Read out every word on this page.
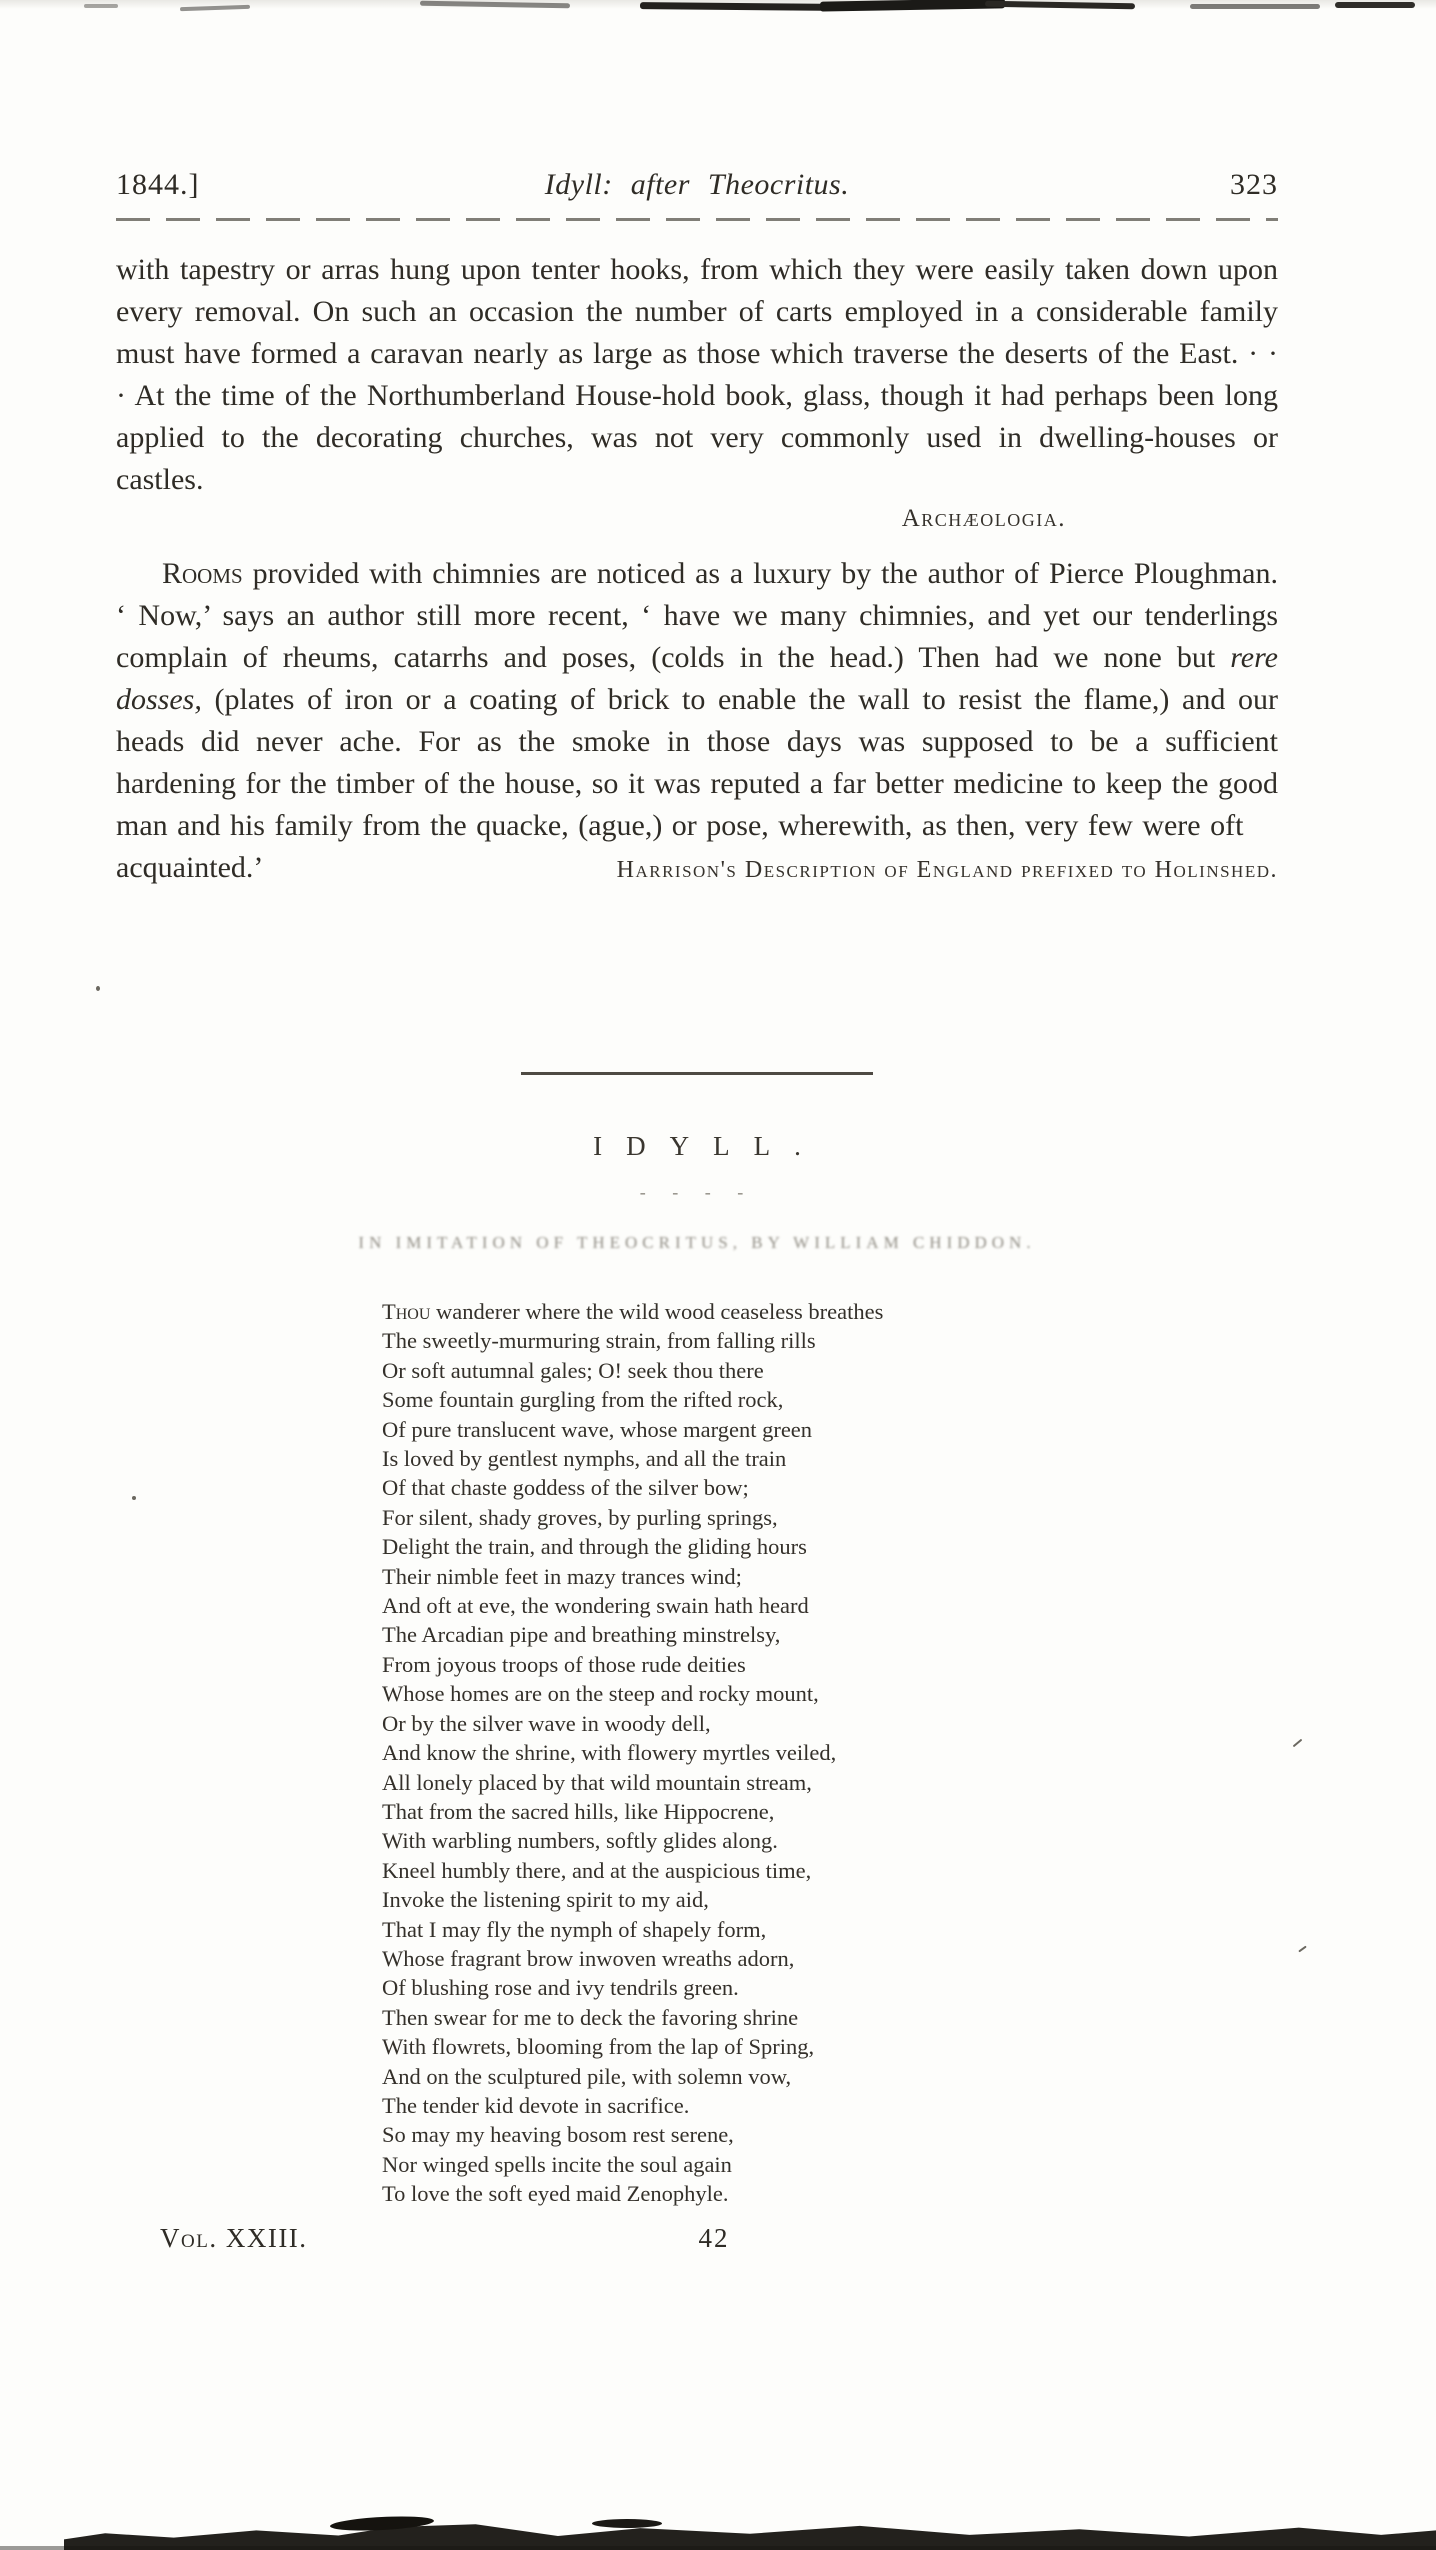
1844.]	Idyll: after Theocritus.	323

with tapestry or arras hung upon tenter hooks, from which they were easily taken down upon every removal. On such an occasion the number of carts employed in a considerable family must have formed a caravan nearly as large as those which traverse the deserts of the East. · · · At the time of the Northumberland House-hold book, glass, though it had perhaps been long applied to the decorating churches, was not very commonly used in dwelling-houses or castles.

Archæologia.

Rooms provided with chimnies are noticed as a luxury by the author of Pierce Ploughman. ‘ Now,’ says an author still more recent, ‘ have we many chimnies, and yet our tenderlings complain of rheums, catarrhs and poses, (colds in the head.) Then had we none but rere dosses, (plates of iron or a coating of brick to enable the wall to resist the flame,) and our heads did never ache. For as the smoke in those days was supposed to be a sufficient hardening for the timber of the house, so it was reputed a far better medicine to keep the good man and his family from the quacke, (ague,) or pose, wherewith, as then, very few were oft

acquainted.’	Harrison's Description of England prefixed to Holinshed.
IDYLL.
- - - -
IN IMITATION OF THEOCRITUS, BY WILLIAM CHIDDON.
Thou wanderer where the wild wood ceaseless breathes
The sweetly-murmuring strain, from falling rills
Or soft autumnal gales; O! seek thou there
Some fountain gurgling from the rifted rock,
Of pure translucent wave, whose margent green
Is loved by gentlest nymphs, and all the train
Of that chaste goddess of the silver bow;
For silent, shady groves, by purling springs,
Delight the train, and through the gliding hours
Their nimble feet in mazy trances wind;
And oft at eve, the wondering swain hath heard
The Arcadian pipe and breathing minstrelsy,
From joyous troops of those rude deities
Whose homes are on the steep and rocky mount,
Or by the silver wave in woody dell,
And know the shrine, with flowery myrtles veiled,
All lonely placed by that wild mountain stream,
That from the sacred hills, like Hippocrene,
With warbling numbers, softly glides along.
Kneel humbly there, and at the auspicious time,
Invoke the listening spirit to my aid,
That I may fly the nymph of shapely form,
Whose fragrant brow inwoven wreaths adorn,
Of blushing rose and ivy tendrils green.
Then swear for me to deck the favoring shrine
With flowrets, blooming from the lap of Spring,
And on the sculptured pile, with solemn vow,
The tender kid devote in sacrifice.
So may my heaving bosom rest serene,
Nor winged spells incite the soul again
To love the soft eyed maid Zenophyle.
Vol. XXIII.	42
